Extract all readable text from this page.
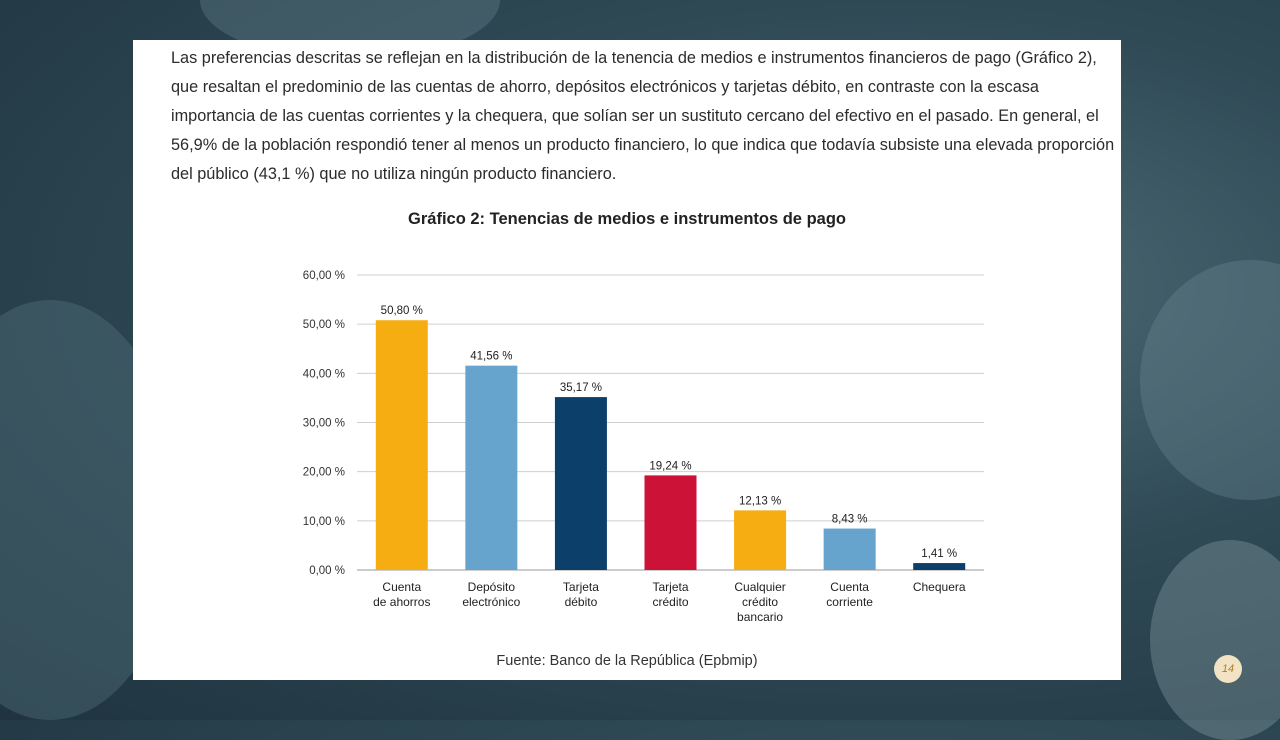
Las preferencias descritas se reflejan en la distribución de la tenencia de medios e instrumentos financieros de pago (Gráfico 2), que resaltan el predominio de las cuentas de ahorro, depósitos electrónicos y tarjetas débito, en contraste con la escasa importancia de las cuentas corrientes y la chequera, que solían ser un sustituto cercano del efectivo en el pasado. En general, el 56,9% de la población respondió tener al menos un producto financiero, lo que indica que todavía subsiste una elevada proporción del público (43,1 %) que no utiliza ningún producto financiero.

Gráfico 2: Tenencias de medios e instrumentos de pago
0,00 %
10,00 %
20,00 %
30,00 %
40,00 %
50,00 %
60,00 %
50,80 %
Cuenta
de ahorros
41,56 %
Depósito
electrónico
35,17 %
Tarjeta
débito
19,24 %
Tarjeta
crédito
12,13 %
Cualquier
crédito
bancario
8,43 %
Cuenta
corriente
1,41 %
Chequera
Fuente: Banco de la República (Epbmip)	14
